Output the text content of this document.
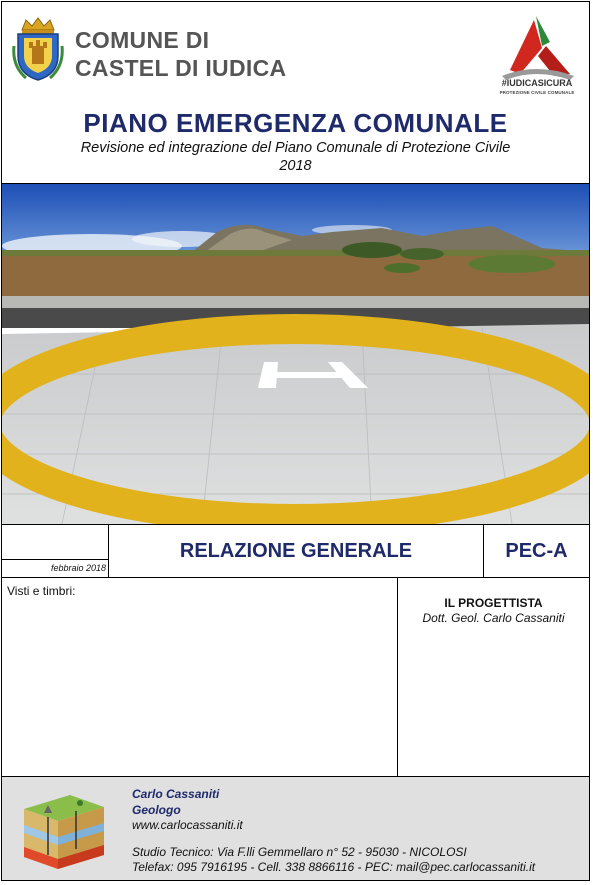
COMUNE DI
CASTEL DI IUDICA
#IUDICASICURA
PROTEZIONE CIVILE COMUNALE
PIANO EMERGENZA COMUNALE
Revisione ed integrazione del Piano Comunale di Protezione Civile
2018
CASTEL DI IUDICA
febbraio 2018
RELAZIONE GENERALE	PEC-A
Visti e timbri:
IL PROGETTISTA
Dott. Geol. Carlo Cassaniti
Carlo Cassaniti
Geologo
www.carlocassaniti.it
Studio Tecnico: Via F.lli Gemmellaro n° 52 - 95030 - NICOLOSI
Telefax: 095 7916195 - Cell. 338 8866116 - PEC: mail@pec.carlocassaniti.it
